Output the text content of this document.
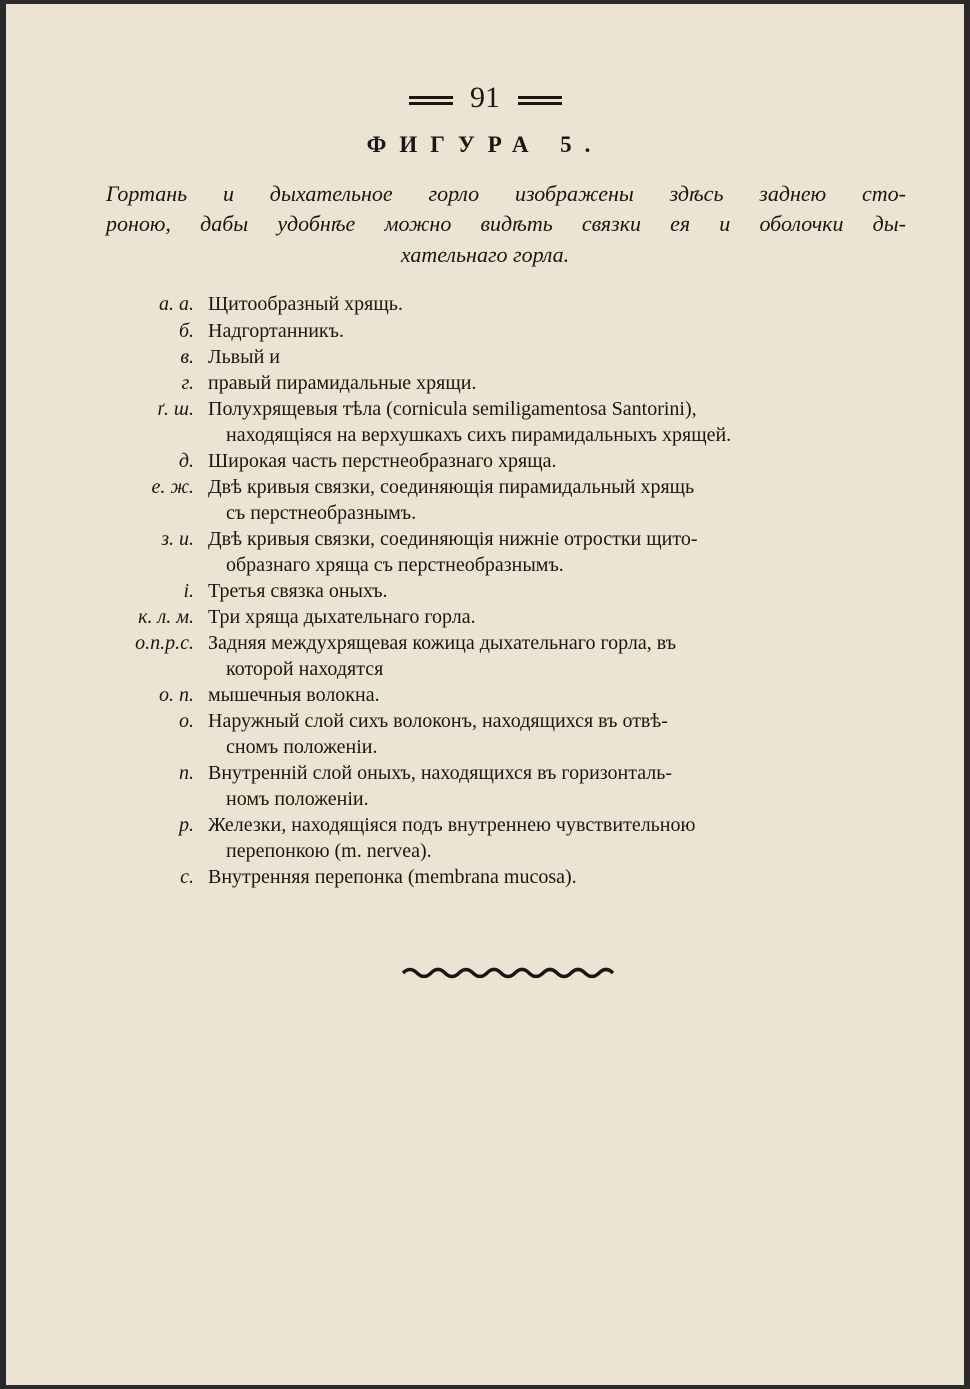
91
ФИГУРА 5.
Гортань и дыхательное горло изображены здѣсь заднею сто-
роною, дабы удобнѣе можно видѣть связки ея и оболочки ды-
хательнаго горла.
а. а. Щитообразный хрящь.
б. Надгортанникъ.
в. Львый и
г. правый пирамидальные хрящи.
ґ. ш. Полухрящевыя тѣла (corniculа semiligamentosa Santorini),
находящіяся на верхушкахъ сихъ пирамидальныхъ хрящей.
д. Широкая часть перстнеобразнаго хряща.
е. ж. Двѣ кривыя связки, соединяющія пирамидальный хрящь
съ перстнеобразнымъ.
з. и. Двѣ кривыя связки, соединяющія нижніе отростки щито-
образнаго хряща съ перстнеобразнымъ.
і. Третья связка оныхъ.
к. л. м. Три хряща дыхательнаго горла.
о.п.р.с. Задняя междухрящевая кожица дыхательнаго горла, въ
которой находятся
о. п. мышечныя волокна.
о. Наружный слой сихъ волоконъ, находящихся въ отвѣ-
сномъ положеніи.
п. Внутренній слой оныхъ, находящихся въ горизонталь-
номъ положеніи.
р. Железки, находящіяся подъ внутреннею чувствительною
перепонкою (m. nervea).
с. Внутренняя перепонка (membrana mucosa).
